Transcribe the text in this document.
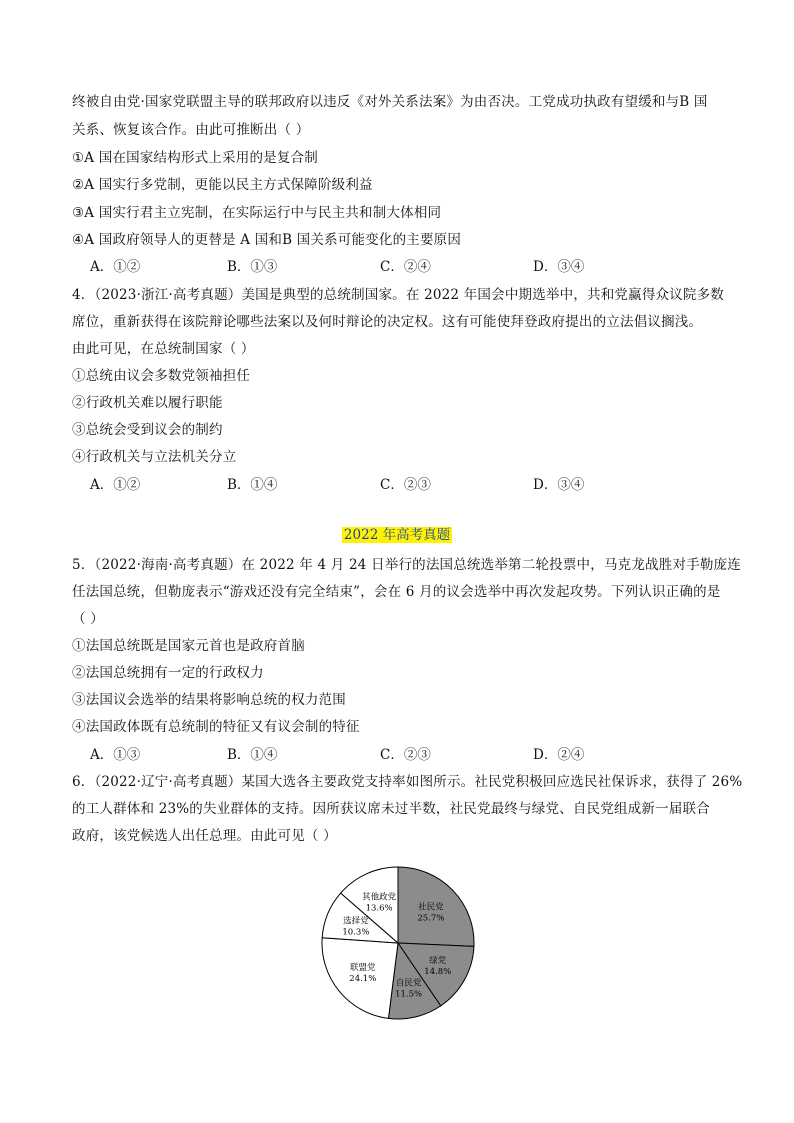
终被自由党·国家党联盟主导的联邦政府以违反《对外关系法案》为由否决。工党成功执政有望缓和与B 国
关系、恢复该合作。由此可推断出（ ）
①A 国在国家结构形式上采用的是复合制
②A 国实行多党制，更能以民主方式保障阶级利益
③A 国实行君主立宪制，在实际运行中与民主共和制大体相同
④A 国政府领导人的更替是 A 国和B 国关系可能变化的主要原因
A．①②	B．①③	C．②④	D．③④
4．（2023·浙江·高考真题）美国是典型的总统制国家。在 2022 年国会中期选举中，共和党赢得众议院多数
席位，重新获得在该院辩论哪些法案以及何时辩论的决定权。这有可能使拜登政府提出的立法倡议搁浅。
由此可见，在总统制国家（ ）
①总统由议会多数党领袖担任
②行政机关难以履行职能
③总统会受到议会的制约
④行政机关与立法机关分立
A．①②	B．①④	C．②③	D．③④
2022 年高考真题
5．（2022·海南·高考真题）在 2022 年 4 月 24 日举行的法国总统选举第二轮投票中，马克龙战胜对手勒庞连
任法国总统，但勒庞表示“游戏还没有完全结束”，会在 6 月的议会选举中再次发起攻势。下列认识正确的是
（ ）
①法国总统既是国家元首也是政府首脑
②法国总统拥有一定的行政权力
③法国议会选举的结果将影响总统的权力范围
④法国政体既有总统制的特征又有议会制的特征
A．①③	B．①④	C．②③	D．②④
6．（2022·辽宁·高考真题）某国大选各主要政党支持率如图所示。社民党积极回应选民社保诉求，获得了 26%
的工人群体和 23%的失业群体的支持。因所获议席未过半数，社民党最终与绿党、自民党组成新一届联合
政府，该党候选人出任总理。由此可见（ ）
社民党
25.7%
绿党
14.8%
自民党
11.5%
联盟党
24.1%
选择党
10.3%
其他政党
13.6%
